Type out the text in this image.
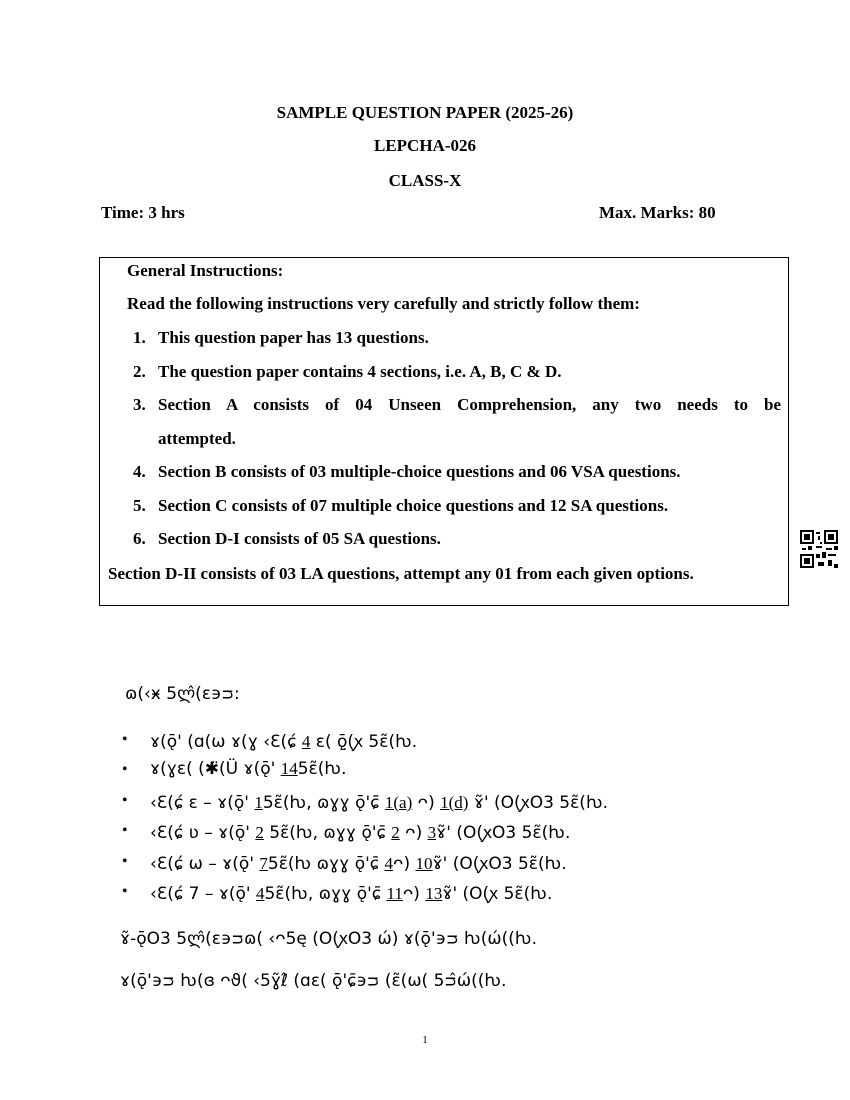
SAMPLE QUESTION PAPER (2025-26)
LEPCHA-026
CLASS-X
Time: 3 hrs	Max. Marks: 80
General Instructions:
Read the following instructions very carefully and strictly follow them:
1. This question paper has 13 questions.
2. The question paper contains 4 sections, i.e. A, B, C & D.
3. Section A consists of 04 Unseen Comprehension, any two needs to be
attempted.
4. Section B consists of 03 multiple-choice questions and 06 VSA questions.
5. Section C consists of 07 multiple choice questions and 12 SA questions.
6. Section D-I consists of 05 SA questions.
Section D-II consists of 03 LA questions, attempt any 01 from each given options.
ɷ(‹ӿ 5ლ̂(ɛ϶ᴝ:
• ɤ(ǭ' (ɑ(ω ɤ(ɣ ‹Ɛ(ɕ́ 4 ɛ( ǭ̤(ꭙ 5ɛ̃(ƕ.
• ɤ(ɣɛ( (✱̈(Ü ɤ(ǭ' 145ɛ̃(ƕ.
• ‹Ɛ(ɕ́ ɛ – ɤ(ǭ' 15ɛ̃(ƕ, ɷɣɣ ǭ'ɕ̄ 1(a) ᴖ) 1(d) ɤ̃' (O(ꭙO3 5ɛ̃(ƕ.
• ‹Ɛ(ɕ́ ʋ – ɤ(ǭ' 2 5ɛ̃(ƕ, ɷɣɣ ǭ'ɕ̄ 2 ᴖ) 3ɤ̃' (O(ꭙO3 5ɛ̃(ƕ.
• ‹Ɛ(ɕ́ ω – ɤ(ǭ' 75ɛ̃(ƕ ɷɣɣ ǭ'ɕ̄ 4ᴖ) 10ɤ̃' (O(ꭙO3 5ɛ̃(ƕ.
• ‹Ɛ(ɕ́ 7 – ɤ(ǭ' 45ɛ̃(ƕ, ɷɣɣ ǭ'ɕ̄ 11ᴖ) 13ɤ̃' (O(ꭙ 5ɛ̃(ƕ.
ɤ̃-ǭO3 5ლ̂(ɛ϶ᴝɷ( ‹ᴖ5ę (O(ꭙO3 ώ) ɤ(ǭ'϶ᴝ ƕ(ώ((ƕ.
ɤ(ǭ'϶ᴝ ƕ(ɞ ᴖϑ( ‹5ɣ̃ℓ̂ (ɑɛ( ǭ'ɕ̄϶ᴝ (ɛ̃(ω( 5ᴝ̂ώ((ƕ.
1
